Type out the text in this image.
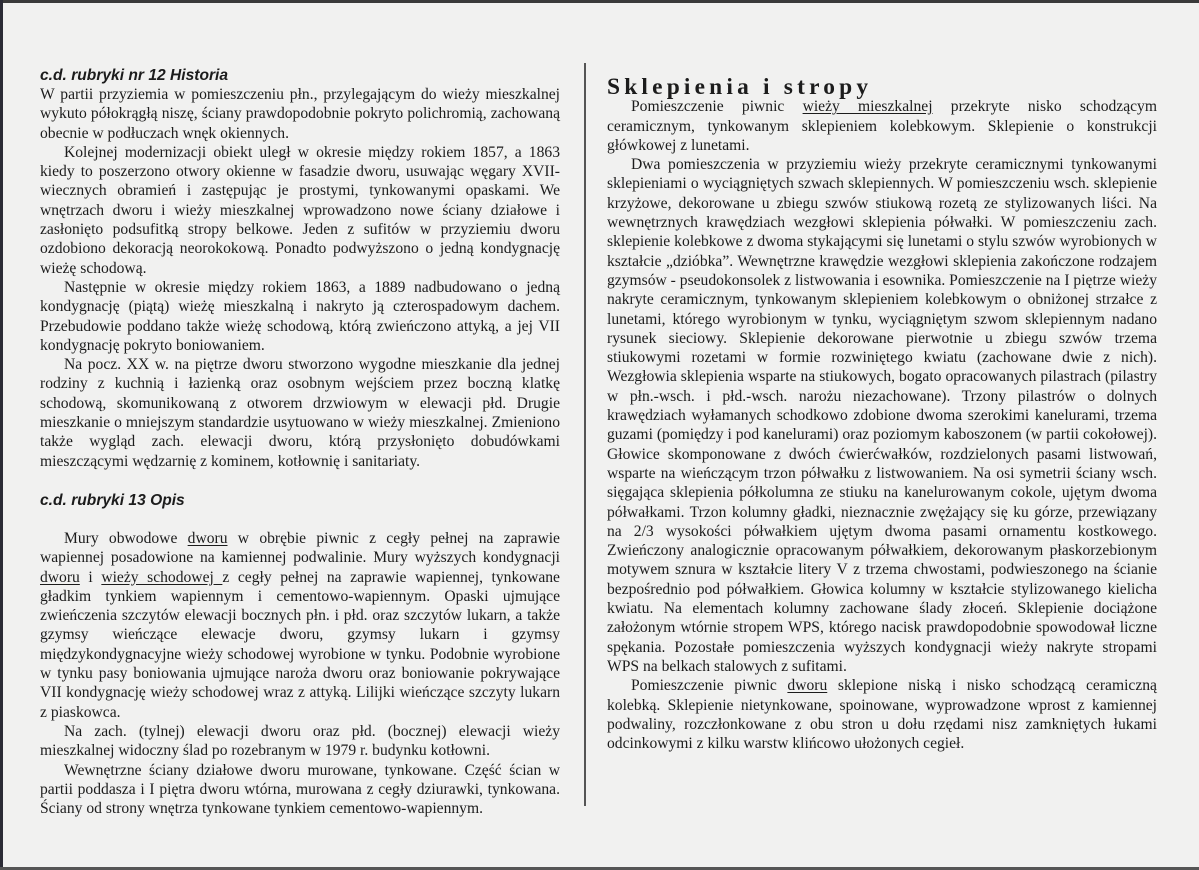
c.d. rubryki nr 12 Historia

W partii przyziemia w pomieszczeniu płn., przylegającym do wieży mieszkalnej wykuto półokrągłą niszę, ściany prawdopodobnie pokryto polichromią, zachowaną obecnie w podłuczach wnęk okiennych.

Kolejnej modernizacji obiekt uległ w okresie między rokiem 1857, a 1863 kiedy to poszerzono otwory okienne w fasadzie dworu, usuwając węgary XVII-wiecznych obramień i zastępując je prostymi, tynkowanymi opaskami. We wnętrzach dworu i wieży mieszkalnej wprowadzono nowe ściany działowe i zasłonięto podsufitką stropy belkowe. Jeden z sufitów w przyziemiu dworu ozdobiono dekoracją neorokokową. Ponadto podwyższono o jedną kondygnację wieżę schodową.

Następnie w okresie między rokiem 1863, a 1889 nadbudowano o jedną kondygnację (piątą) wieżę mieszkalną i nakryto ją czterospadowym dachem. Przebudowie poddano także wieżę schodową, którą zwieńczono attyką, a jej VII kondygnację pokryto boniowaniem.

Na pocz. XX w. na piętrze dworu stworzono wygodne mieszkanie dla jednej rodziny z kuchnią i łazienką oraz osobnym wejściem przez boczną klatkę schodową, skomunikowaną z otworem drzwiowym w elewacji płd. Drugie mieszkanie o mniejszym standardzie usytuowano w wieży mieszkalnej. Zmieniono także wygląd zach. elewacji dworu, którą przysłonięto dobudówkami mieszczącymi wędzarnię z kominem, kotłownię i sanitariaty.

c.d. rubryki 13 Opis

Mury obwodowe dworu w obrębie piwnic z cegły pełnej na zaprawie wapiennej posadowione na kamiennej podwalinie. Mury wyższych kondygnacji dworu i wieży schodowej z cegły pełnej na zaprawie wapiennej, tynkowane gładkim tynkiem wapiennym i cementowo-wapiennym. Opaski ujmujące zwieńczenia szczytów elewacji bocznych płn. i płd. oraz szczytów lukarn, a także gzymsy wieńczące elewacje dworu, gzymsy lukarn i gzymsy międzykondygnacyjne wieży schodowej wyrobione w tynku. Podobnie wyrobione w tynku pasy boniowania ujmujące naroża dworu oraz boniowanie pokrywające VII kondygnację wieży schodowej wraz z attyką. Lilijki wieńczące szczyty lukarn z piaskowca.

Na zach. (tylnej) elewacji dworu oraz płd. (bocznej) elewacji wieży mieszkalnej widoczny ślad po rozebranym w 1979 r. budynku kotłowni.

Wewnętrzne ściany działowe dworu murowane, tynkowane. Część ścian w partii poddasza i I piętra dworu wtórna, murowana z cegły dziurawki, tynkowana. Ściany od strony wnętrza tynkowane tynkiem cementowo-wapiennym.

Sklepienia i stropy

Pomieszczenie piwnic wieży mieszkalnej przekryte nisko schodzącym ceramicznym, tynkowanym sklepieniem kolebkowym. Sklepienie o konstrukcji główkowej z lunetami.

Dwa pomieszczenia w przyziemiu wieży przekryte ceramicznymi tynkowanymi sklepieniami o wyciągniętych szwach sklepiennych. W pomieszczeniu wsch. sklepienie krzyżowe, dekorowane u zbiegu szwów stiukową rozetą ze stylizowanych liści. Na wewnętrznych krawędziach wezgłowi sklepienia półwałki. W pomieszczeniu zach. sklepienie kolebkowe z dwoma stykającymi się lunetami o stylu szwów wyrobionych w kształcie „dzióbka”. Wewnętrzne krawędzie wezgłowi sklepienia zakończone rodzajem gzymsów - pseudokonsolek z listwowania i esownika. Pomieszczenie na I piętrze wieży nakryte ceramicznym, tynkowanym sklepieniem kolebkowym o obniżonej strzałce z lunetami, którego wyrobionym w tynku, wyciągniętym szwom sklepiennym nadano rysunek sieciowy. Sklepienie dekorowane pierwotnie u zbiegu szwów trzema stiukowymi rozetami w formie rozwiniętego kwiatu (zachowane dwie z nich). Wezgłowia sklepienia wsparte na stiukowych, bogato opracowanych pilastrach (pilastry w płn.-wsch. i płd.-wsch. narożu niezachowane). Trzony pilastrów o dolnych krawędziach wyłamanych schodkowo zdobione dwoma szerokimi kanelurami, trzema guzami (pomiędzy i pod kanelurami) oraz poziomym kaboszonem (w partii cokołowej). Głowice skomponowane z dwóch ćwierćwałków, rozdzielonych pasami listwowań, wsparte na wieńczącym trzon półwałku z listwowaniem. Na osi symetrii ściany wsch. sięgająca sklepienia półkolumna ze stiuku na kanelurowanym cokole, ujętym dwoma półwałkami. Trzon kolumny gładki, nieznacznie zwężający się ku górze, przewiązany na 2/3 wysokości półwałkiem ujętym dwoma pasami ornamentu kostkowego. Zwieńczony analogicznie opracowanym półwałkiem, dekorowanym płaskorzebionym motywem sznura w kształcie litery V z trzema chwostami, podwieszonego na ścianie bezpośrednio pod półwałkiem. Głowica kolumny w kształcie stylizowanego kielicha kwiatu. Na elementach kolumny zachowane ślady złoceń. Sklepienie dociążone założonym wtórnie stropem WPS, którego nacisk prawdopodobnie spowodował liczne spękania. Pozostałe pomieszczenia wyższych kondygnacji wieży nakryte stropami WPS na belkach stalowych z sufitami.

Pomieszczenie piwnic dworu sklepione niską i nisko schodzącą ceramiczną kolebką. Sklepienie nietynkowane, spoinowane, wyprowadzone wprost z kamiennej podwaliny, rozczłonkowane z obu stron u dołu rzędami nisz zamkniętych łukami odcinkowymi z kilku warstw klińcowo ułożonych cegieł.
